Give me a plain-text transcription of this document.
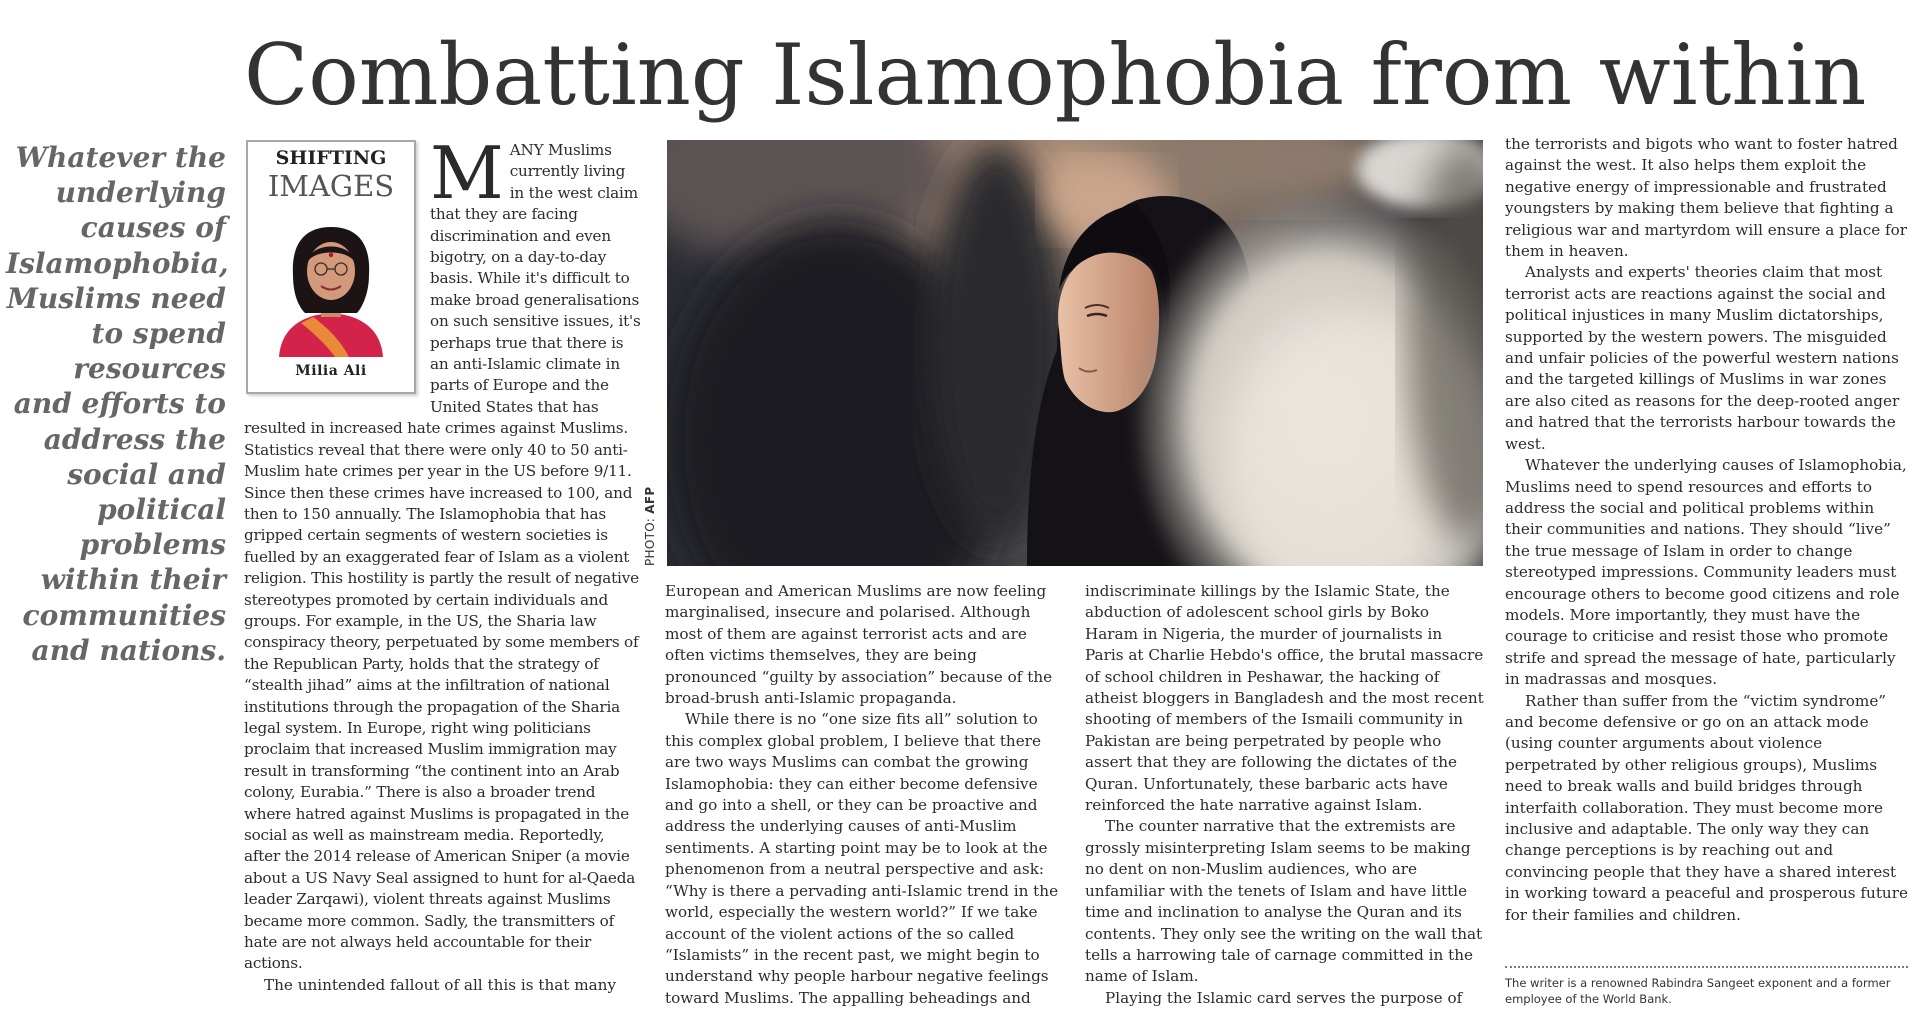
Combatting Islamophobia from within

Whatever the underlying causes of Islamophobia, Muslims need to spend resources and efforts to address the social and political problems within their communities and nations.

SHIFTING
IMAGES
Milia Ali
M ANY Muslims currently living in the west claim that they are facing discrimination and even bigotry, on a day-to-day basis. While it's difficult to make broad generalisations on such sensitive issues, it's perhaps true that there is an anti-Islamic climate in parts of Europe and the United States that has resulted in increased hate crimes against Muslims. Statistics reveal that there were only 40 to 50 anti-Muslim hate crimes per year in the US before 9/11. Since then these crimes have increased to 100, and then to 150 annually. The Islamophobia that has gripped certain segments of western societies is fuelled by an exaggerated fear of Islam as a violent religion. This hostility is partly the result of negative stereotypes promoted by certain individuals and groups. For example, in the US, the Sharia law conspiracy theory, perpetuated by some members of the Republican Party, holds that the strategy of “stealth jihad” aims at the infiltration of national institutions through the propagation of the Sharia legal system. In Europe, right wing politicians proclaim that increased Muslim immigration may result in transforming “the continent into an Arab colony, Eurabia.” There is also a broader trend where hatred against Muslims is propagated in the social as well as mainstream media. Reportedly, after the 2014 release of American Sniper (a movie about a US Navy Seal assigned to hunt for al-Qaeda leader Zarqawi), violent threats against Muslims became more common. Sadly, the transmitters of hate are not always held accountable for their actions.

The unintended fallout of all this is that many

PHOTO: AFP

European and American Muslims are now feeling marginalised, insecure and polarised. Although most of them are against terrorist acts and are often victims themselves, they are being pronounced “guilty by association” because of the broad-brush anti-Islamic propaganda.

While there is no “one size fits all” solution to this complex global problem, I believe that there are two ways Muslims can combat the growing Islamophobia: they can either become defensive and go into a shell, or they can be proactive and address the underlying causes of anti-Muslim sentiments. A starting point may be to look at the phenomenon from a neutral perspective and ask: “Why is there a pervading anti-Islamic trend in the world, especially the western world?” If we take account of the violent actions of the so called “Islamists” in the recent past, we might begin to understand why people harbour negative feelings toward Muslims. The appalling beheadings and

indiscriminate killings by the Islamic State, the abduction of adolescent school girls by Boko Haram in Nigeria, the murder of journalists in Paris at Charlie Hebdo's office, the brutal massacre of school children in Peshawar, the hacking of atheist bloggers in Bangladesh and the most recent shooting of members of the Ismaili community in Pakistan are being perpetrated by people who assert that they are following the dictates of the Quran. Unfortunately, these barbaric acts have reinforced the hate narrative against Islam.

The counter narrative that the extremists are grossly misinterpreting Islam seems to be making no dent on non-Muslim audiences, who are unfamiliar with the tenets of Islam and have little time and inclination to analyse the Quran and its contents. They only see the writing on the wall that tells a harrowing tale of carnage committed in the name of Islam.

Playing the Islamic card serves the purpose of

the terrorists and bigots who want to foster hatred against the west. It also helps them exploit the negative energy of impressionable and frustrated youngsters by making them believe that fighting a religious war and martyrdom will ensure a place for them in heaven.

Analysts and experts' theories claim that most terrorist acts are reactions against the social and political injustices in many Muslim dictatorships, supported by the western powers. The misguided and unfair policies of the powerful western nations and the targeted killings of Muslims in war zones are also cited as reasons for the deep-rooted anger and hatred that the terrorists harbour towards the west.

Whatever the underlying causes of Islamophobia, Muslims need to spend resources and efforts to address the social and political problems within their communities and nations. They should “live” the true message of Islam in order to change stereotyped impressions. Community leaders must encourage others to become good citizens and role models. More importantly, they must have the courage to criticise and resist those who promote strife and spread the message of hate, particularly in madrassas and mosques.

Rather than suffer from the “victim syndrome” and become defensive or go on an attack mode (using counter arguments about violence perpetrated by other religious groups), Muslims need to break walls and build bridges through interfaith collaboration. They must become more inclusive and adaptable. The only way they can change perceptions is by reaching out and convincing people that they have a shared interest in working toward a peaceful and prosperous future for their families and children.

The writer is a renowned Rabindra Sangeet exponent and a former employee of the World Bank.
